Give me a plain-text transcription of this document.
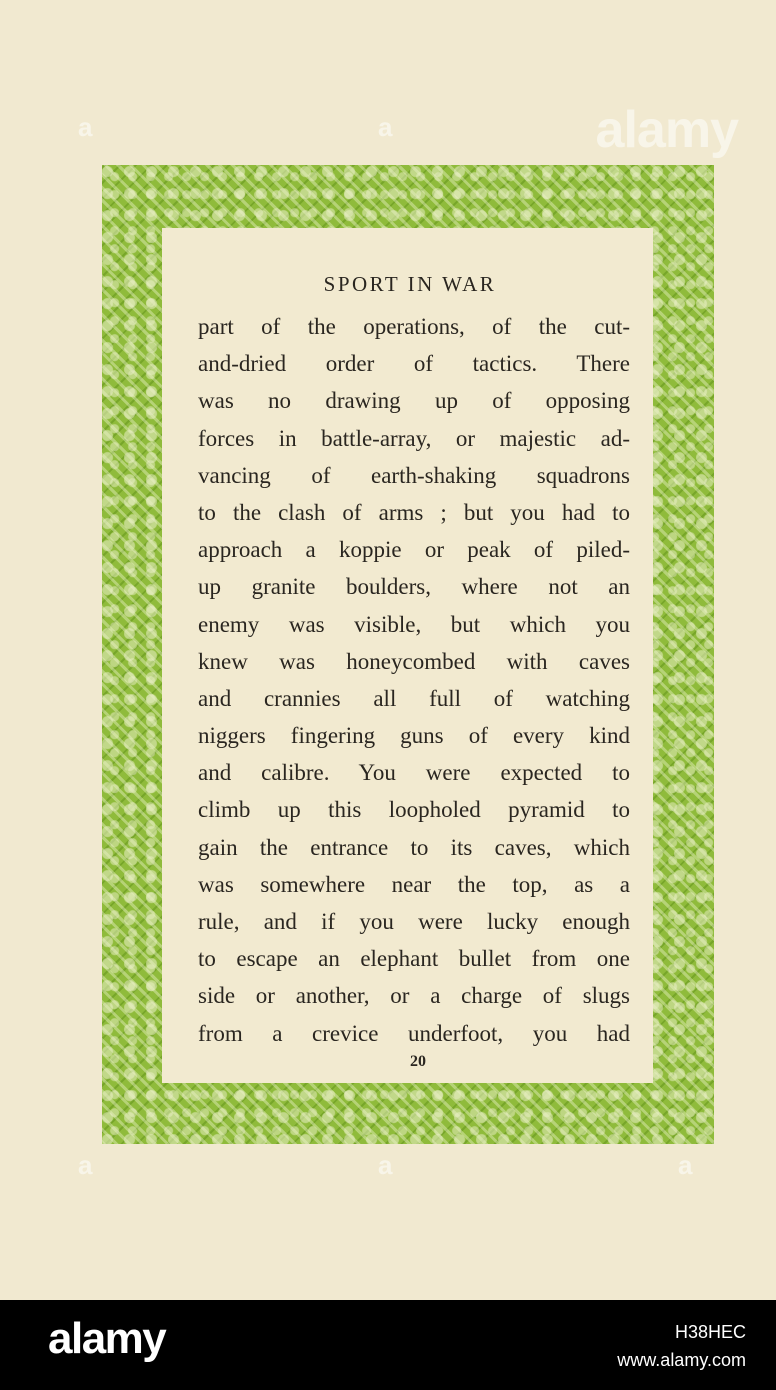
alamy
a	a
a	a	a
SPORT IN WAR
part of the operations, of the cut-
and-dried order of tactics. There
was no drawing up of opposing
forces in battle-array, or majestic ad-
vancing of earth-shaking squadrons
to the clash of arms ; but you had to
approach a koppie or peak of piled-
up granite boulders, where not an
enemy was visible, but which you
knew was honeycombed with caves
and crannies all full of watching
niggers fingering guns of every kind
and calibre. You were expected to
climb up this loopholed pyramid to
gain the entrance to its caves, which
was somewhere near the top, as a
rule, and if you were lucky enough
to escape an elephant bullet from one
side or another, or a charge of slugs
from a crevice underfoot, you had
20
alamy	H38HEC
www.alamy.com
